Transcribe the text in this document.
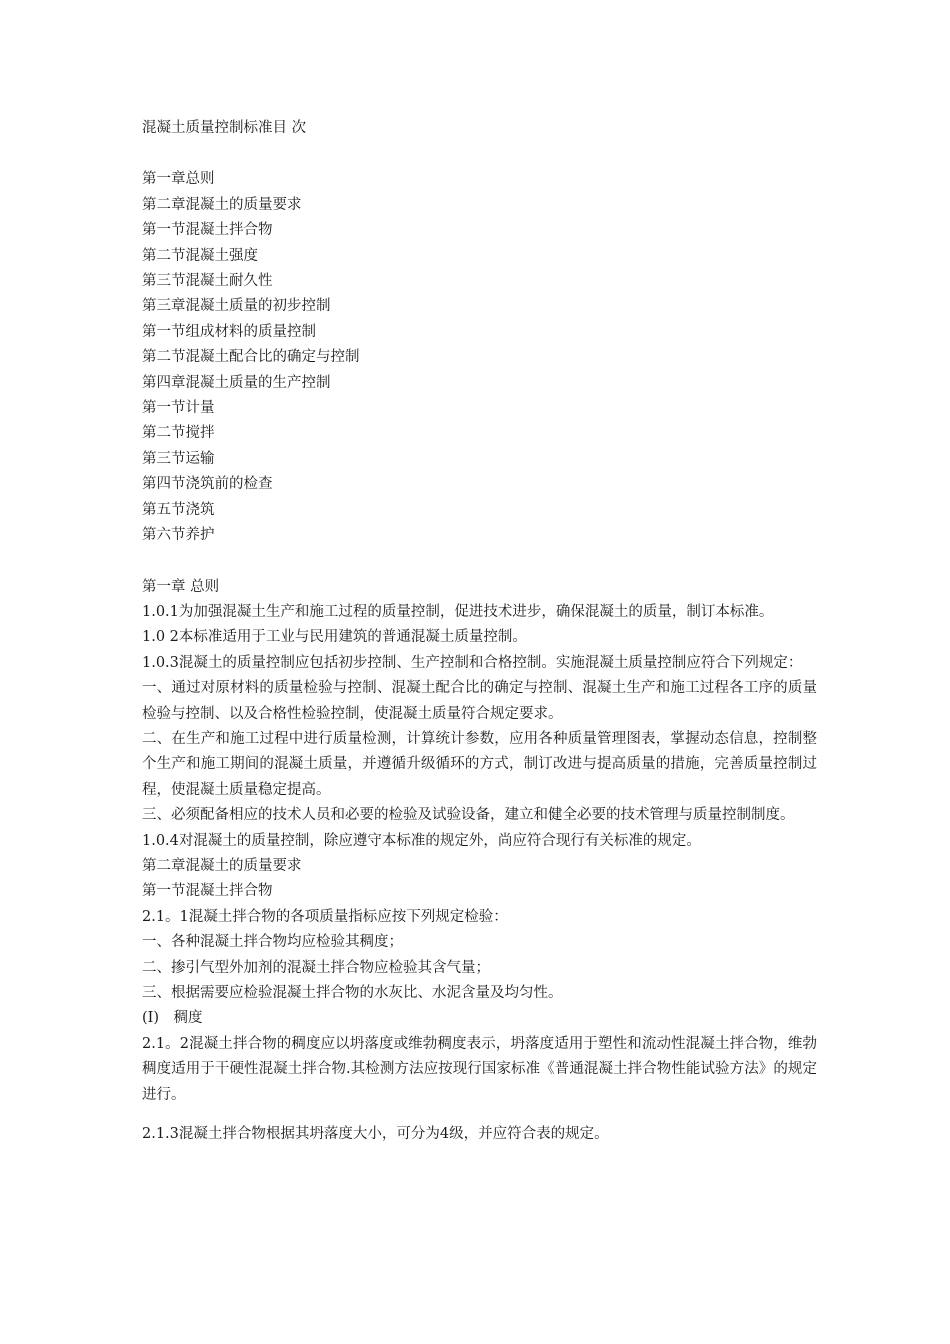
混凝土质量控制标准目 次

第一章总则

第二章混凝土的质量要求

第一节混凝土拌合物

第二节混凝土强度

第三节混凝土耐久性

第三章混凝土质量的初步控制

第一节组成材料的质量控制

第二节混凝土配合比的确定与控制

第四章混凝土质量的生产控制

第一节计量

第二节搅拌

第三节运输

第四节浇筑前的检查

第五节浇筑

第六节养护

第一章 总则

1.0.1为加强混凝土生产和施工过程的质量控制，促进技术进步，确保混凝土的质量，制订本标准。

1.0 2本标准适用于工业与民用建筑的普通混凝土质量控制。

1.0.3混凝土的质量控制应包括初步控制、生产控制和合格控制。实施混凝土质量控制应符合下列规定：

一、通过对原材料的质量检验与控制、混凝土配合比的确定与控制、混凝土生产和施工过程各工序的质量检验与控制、以及合格性检验控制，使混凝土质量符合规定要求。

二、在生产和施工过程中进行质量检测，计算统计参数，应用各种质量管理图表，掌握动态信息，控制整个生产和施工期间的混凝土质量，并遵循升级循环的方式，制订改进与提高质量的措施，完善质量控制过程，使混凝土质量稳定提高。

三、必须配备相应的技术人员和必要的检验及试验设备，建立和健全必要的技术管理与质量控制制度。

1.0.4对混凝土的质量控制，除应遵守本标准的规定外，尚应符合现行有关标准的规定。

第二章混凝土的质量要求

第一节混凝土拌合物

2.1。1混凝土拌合物的各项质量指标应按下列规定检验：

一、各种混凝土拌合物均应检验其稠度；

二、掺引气型外加剂的混凝土拌合物应检验其含气量；

三、根据需要应检验混凝土拌合物的水灰比、水泥含量及均匀性。

(I)　稠度

2.1。2混凝土拌合物的稠度应以坍落度或维勃稠度表示，坍落度适用于塑性和流动性混凝土拌合物，维勃稠度适用于干硬性混凝土拌合物.其检测方法应按现行国家标准《普通混凝土拌合物性能试验方法》的规定进行。

2.1.3混凝土拌合物根据其坍落度大小，可分为4级，并应符合表的规定。
